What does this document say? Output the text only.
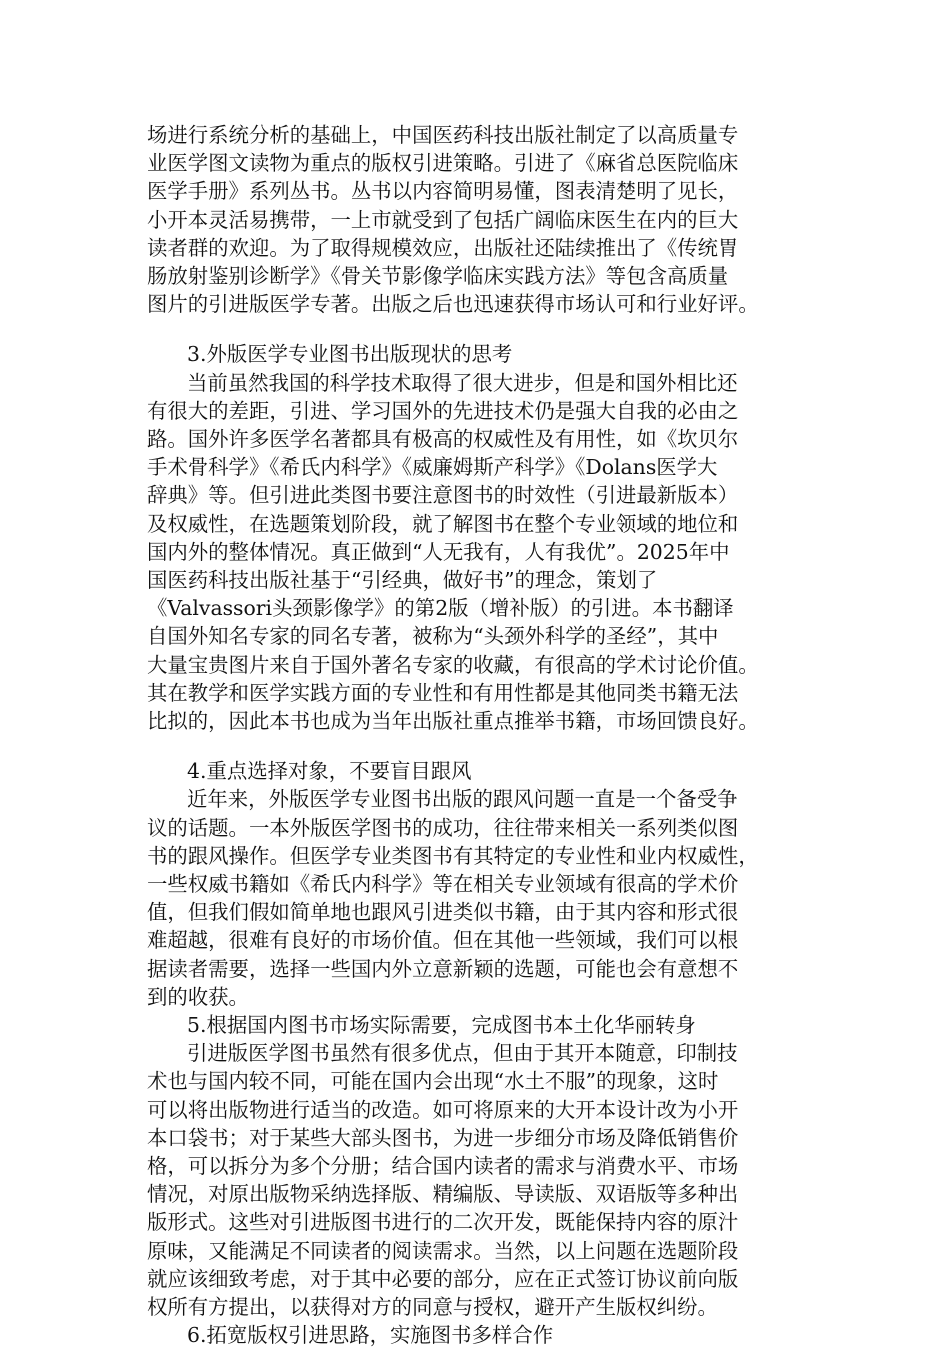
场进行系统分析的基础上，中国医药科技出版社制定了以高质量专
业医学图文读物为重点的版权引进策略。引进了《麻省总医院临床
医学手册》系列丛书。丛书以内容简明易懂，图表清楚明了见长，
小开本灵活易携带，一上市就受到了包括广阔临床医生在内的巨大
读者群的欢迎。为了取得规模效应，出版社还陆续推出了《传统胃
肠放射鉴别诊断学》《骨关节影像学临床实践方法》等包含高质量
图片的引进版医学专著。出版之后也迅速获得市场认可和行业好评。
3.外版医学专业图书出版现状的思考
当前虽然我国的科学技术取得了很大进步，但是和国外相比还
有很大的差距，引进、学习国外的先进技术仍是强大自我的必由之
路。国外许多医学名著都具有极高的权威性及有用性，如《坎贝尔
手术骨科学》《希氏内科学》《威廉姆斯产科学》《Dolans医学大
辞典》等。但引进此类图书要注意图书的时效性（引进最新版本）
及权威性，在选题策划阶段，就了解图书在整个专业领域的地位和
国内外的整体情况。真正做到“人无我有，人有我优”。2025年中
国医药科技出版社基于“引经典，做好书”的理念，策划了
《Valvassori头颈影像学》的第2版（增补版）的引进。本书翻译
自国外知名专家的同名专著，被称为“头颈外科学的圣经”，其中
大量宝贵图片来自于国外著名专家的收藏，有很高的学术讨论价值。
其在教学和医学实践方面的专业性和有用性都是其他同类书籍无法
比拟的，因此本书也成为当年出版社重点推举书籍，市场回馈良好。
4.重点选择对象，不要盲目跟风
近年来，外版医学专业图书出版的跟风问题一直是一个备受争
议的话题。一本外版医学图书的成功，往往带来相关一系列类似图
书的跟风操作。但医学专业类图书有其特定的专业性和业内权威性，
一些权威书籍如《希氏内科学》等在相关专业领域有很高的学术价
值，但我们假如简单地也跟风引进类似书籍，由于其内容和形式很
难超越，很难有良好的市场价值。但在其他一些领域，我们可以根
据读者需要，选择一些国内外立意新颖的选题，可能也会有意想不
到的收获。
5.根据国内图书市场实际需要，完成图书本土化华丽转身
引进版医学图书虽然有很多优点，但由于其开本随意，印制技
术也与国内较不同，可能在国内会出现“水土不服”的现象，这时
可以将出版物进行适当的改造。如可将原来的大开本设计改为小开
本口袋书；对于某些大部头图书，为进一步细分市场及降低销售价
格，可以拆分为多个分册；结合国内读者的需求与消费水平、市场
情况，对原出版物采纳选择版、精编版、导读版、双语版等多种出
版形式。这些对引进版图书进行的二次开发，既能保持内容的原汁
原味，又能满足不同读者的阅读需求。当然，以上问题在选题阶段
就应该细致考虑，对于其中必要的部分，应在正式签订协议前向版
权所有方提出，以获得对方的同意与授权，避开产生版权纠纷。
6.拓宽版权引进思路，实施图书多样合作
